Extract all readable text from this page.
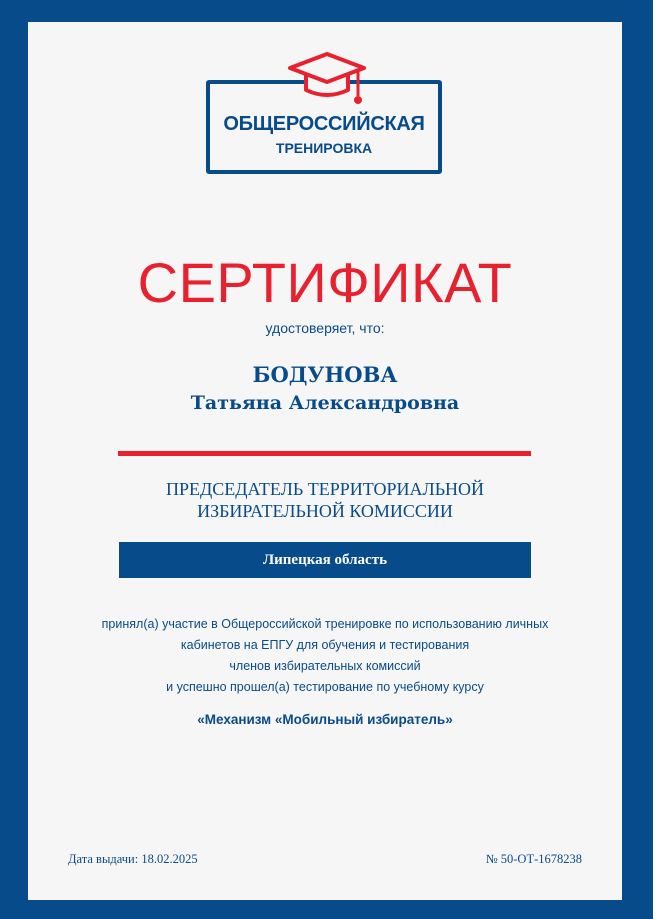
ОБЩЕРОССИЙСКАЯ
ТРЕНИРОВКА
СЕРТИФИКАТ
удостоверяет, что:
БОДУНОВА
Татьяна Александровна
ПРЕДСЕДАТЕЛЬ ТЕРРИТОРИАЛЬНОЙ
ИЗБИРАТЕЛЬНОЙ КОМИССИИ
Липецкая область
принял(а) участие в Общероссийской тренировке по использованию личных
кабинетов на ЕПГУ для обучения и тестирования
членов избирательных комиссий
и успешно прошел(а) тестирование по учебному курсу
«Механизм «Мобильный избиратель»
Дата выдачи: 18.02.2025	№ 50-ОТ-1678238
